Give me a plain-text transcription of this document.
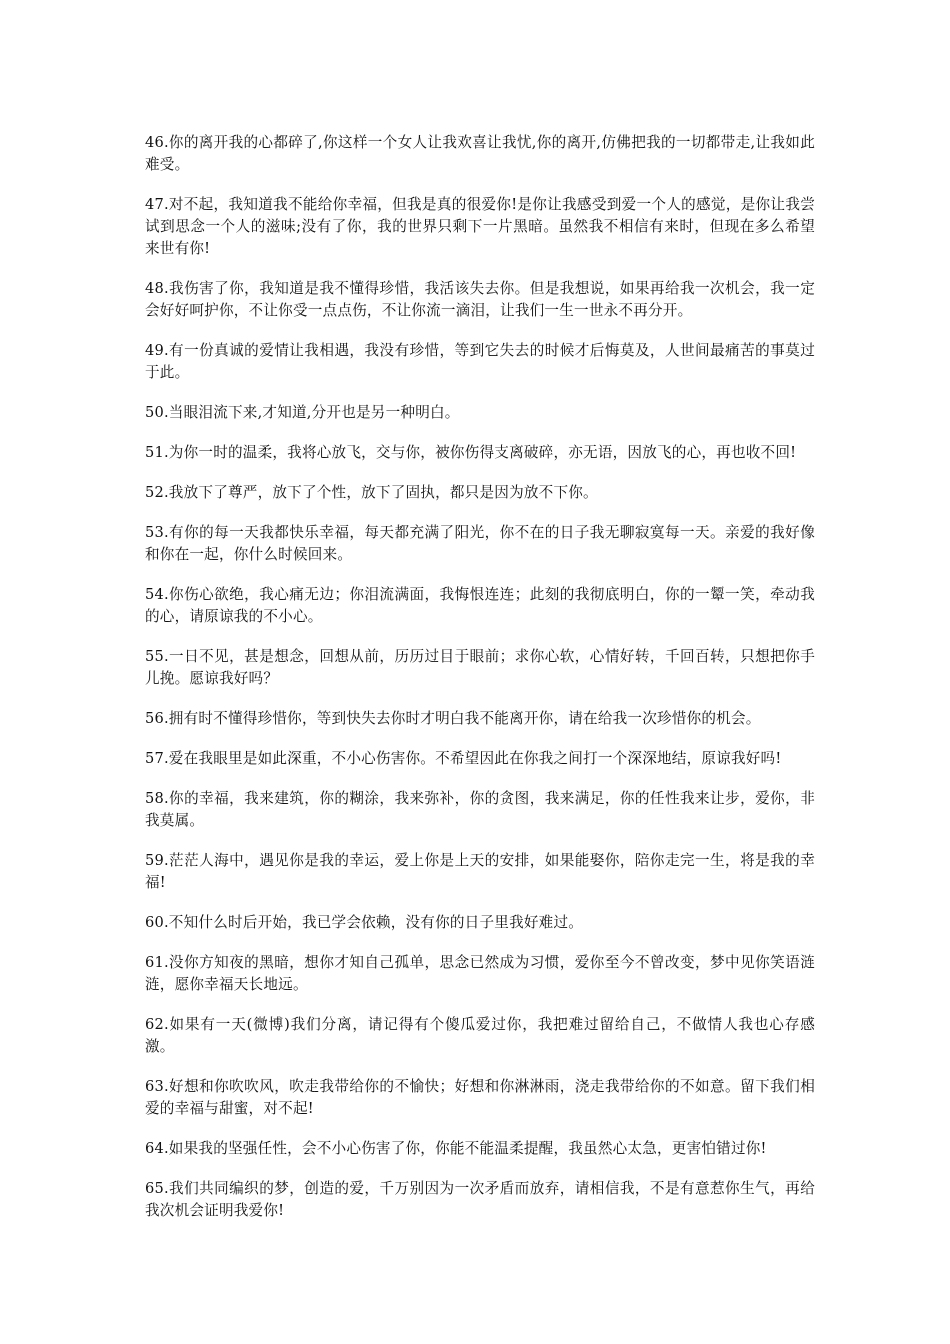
46.你的离开我的心都碎了,你这样一个女人让我欢喜让我忧,你的离开,仿佛把我的一切都带走,让我如此难受。

47.对不起，我知道我不能给你幸福，但我是真的很爱你!是你让我感受到爱一个人的感觉，是你让我尝试到思念一个人的滋味;没有了你，我的世界只剩下一片黑暗。虽然我不相信有来时，但现在多么希望来世有你!

48.我伤害了你，我知道是我不懂得珍惜，我活该失去你。但是我想说，如果再给我一次机会，我一定会好好呵护你，不让你受一点点伤，不让你流一滴泪，让我们一生一世永不再分开。

49.有一份真诚的爱情让我相遇，我没有珍惜，等到它失去的时候才后悔莫及，人世间最痛苦的事莫过于此。

50.当眼泪流下来,才知道,分开也是另一种明白。

51.为你一时的温柔，我将心放飞，交与你，被你伤得支离破碎，亦无语，因放飞的心，再也收不回!

52.我放下了尊严，放下了个性，放下了固执，都只是因为放不下你。

53.有你的每一天我都快乐幸福，每天都充满了阳光，你不在的日子我无聊寂寞每一天。亲爱的我好像和你在一起，你什么时候回来。

54.你伤心欲绝，我心痛无边；你泪流满面，我悔恨连连；此刻的我彻底明白，你的一颦一笑，牵动我的心，请原谅我的不小心。

55.一日不见，甚是想念，回想从前，历历过目于眼前；求你心软，心情好转，千回百转，只想把你手儿挽。愿谅我好吗？

56.拥有时不懂得珍惜你，等到快失去你时才明白我不能离开你，请在给我一次珍惜你的机会。

57.爱在我眼里是如此深重，不小心伤害你。不希望因此在你我之间打一个深深地结，原谅我好吗!

58.你的幸福，我来建筑，你的糊涂，我来弥补，你的贪图，我来满足，你的任性我来让步，爱你，非我莫属。

59.茫茫人海中，遇见你是我的幸运，爱上你是上天的安排，如果能娶你，陪你走完一生，将是我的幸福!

60.不知什么时后开始，我已学会依赖，没有你的日子里我好难过。

61.没你方知夜的黑暗，想你才知自己孤单，思念已然成为习惯，爱你至今不曾改变，梦中见你笑语涟涟，愿你幸福天长地远。

62.如果有一天(微博)我们分离，请记得有个傻瓜爱过你，我把难过留给自己，不做情人我也心存感激。

63.好想和你吹吹风，吹走我带给你的不愉快；好想和你淋淋雨，浇走我带给你的不如意。留下我们相爱的幸福与甜蜜，对不起!

64.如果我的坚强任性，会不小心伤害了你，你能不能温柔提醒，我虽然心太急，更害怕错过你!

65.我们共同编织的梦，创造的爱，千万别因为一次矛盾而放弃，请相信我，不是有意惹你生气，再给我次机会证明我爱你!
